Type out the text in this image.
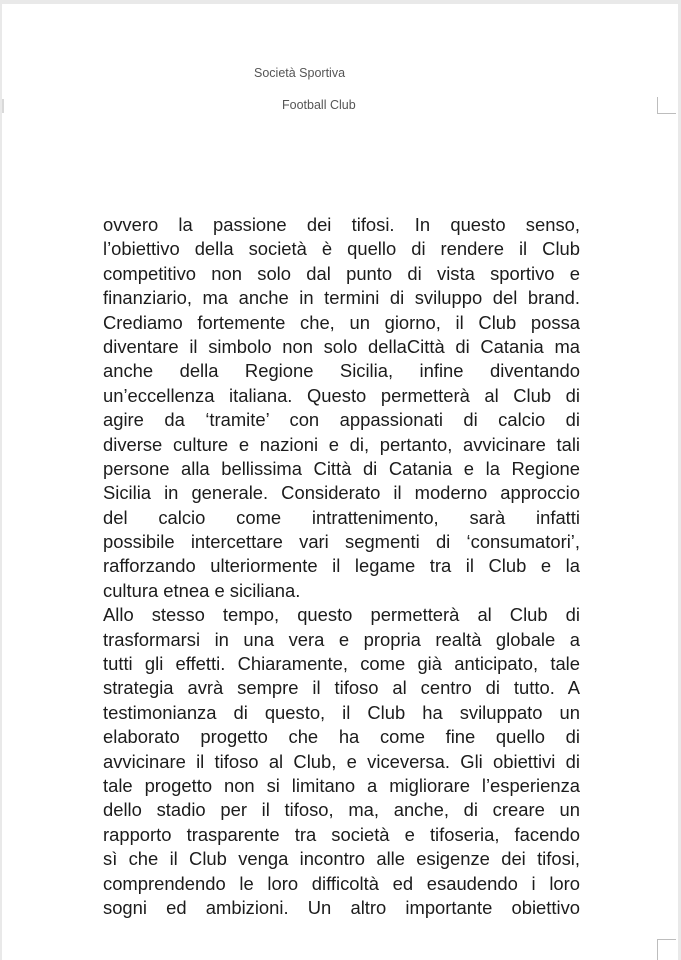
Società Sportiva
Football Club
ovvero la passione dei tifosi. In questo senso,
l’obiettivo della società è quello di rendere il Club
competitivo non solo dal punto di vista sportivo e
finanziario, ma anche in termini di sviluppo del brand.
Crediamo fortemente che, un giorno, il Club possa
diventare il simbolo non solo dellaCittà di Catania ma
anche della Regione Sicilia, infine diventando
un’eccellenza italiana. Questo permetterà al Club di
agire da ‘tramite’ con appassionati di calcio di
diverse culture e nazioni e di, pertanto, avvicinare tali
persone alla bellissima Città di Catania e la Regione
Sicilia in generale. Considerato il moderno approccio
del calcio come intrattenimento, sarà infatti
possibile intercettare vari segmenti di ‘consumatori’,
rafforzando ulteriormente il legame tra il Club e la
cultura etnea e siciliana.
Allo stesso tempo, questo permetterà al Club di
trasformarsi in una vera e propria realtà globale a
tutti gli effetti. Chiaramente, come già anticipato, tale
strategia avrà sempre il tifoso al centro di tutto. A
testimonianza di questo, il Club ha sviluppato un
elaborato progetto che ha come fine quello di
avvicinare il tifoso al Club, e viceversa. Gli obiettivi di
tale progetto non si limitano a migliorare l’esperienza
dello stadio per il tifoso, ma, anche, di creare un
rapporto trasparente tra società e tifoseria, facendo
sì che il Club venga incontro alle esigenze dei tifosi,
comprendendo le loro difficoltà ed esaudendo i loro
sogni ed ambizioni. Un altro importante obiettivo
